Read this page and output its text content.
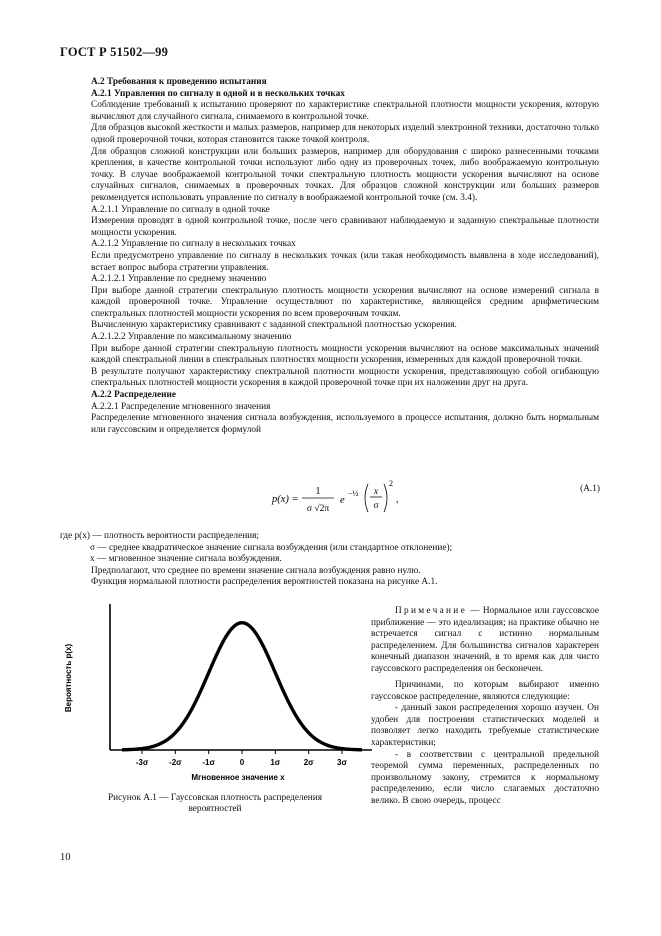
ГОСТ Р 51502—99

А.2 Требования к проведению испытания

А.2.1 Управления по сигналу в одной и в нескольких точках

Соблюдение требований к испытанию проверяют по характеристике спектральной плотности мощности ускорения, которую вычисляют для случайного сигнала, снимаемого в контрольной точке.

Для образцов высокой жесткости и малых размеров, например для некоторых изделий электронной техники, достаточно только одной проверочной точки, которая становится также точкой контроля.

Для образцов сложной конструкции или больших размеров, например для оборудования с широко разнесенными точками крепления, в качестве контрольной точки используют либо одну из проверочных точек, либо воображаемую контрольную точку. В случае воображаемой контрольной точки спектральную плотность мощности ускорения вычисляют на основе случайных сигналов, снимаемых в проверочных точках. Для образцов сложной конструкции или больших размеров рекомендуется использовать управление по сигналу в воображаемой контрольной точке (см. 3.4).

А.2.1.1 Управление по сигналу в одной точке

Измерения проводят в одной контрольной точке, после чего сравнивают наблюдаемую и заданную спектральные плотности мощности ускорения.

А.2.1.2 Управление по сигналу в нескольких точках

Если предусмотрено управление по сигналу в нескольких точках (или такая необходимость выявлена в ходе исследований), встает вопрос выбора стратегии управления.

А.2.1.2.1 Управление по среднему значению

При выборе данной стратегии спектральную плотность мощности ускорения вычисляют на основе измерений сигнала в каждой проверочной точке. Управление осуществляют по характеристике, являющейся средним арифметическим спектральных плотностей мощности ускорения по всем проверочным точкам.

Вычисленную характеристику сравнивают с заданной спектральной плотностью ускорения.

А.2.1.2.2 Управление по максимальному значению

При выборе данной стратегии спектральную плотность мощности ускорения вычисляют на основе максимальных значений каждой спектральной линии в спектральных плотностях мощности ускорения, измеренных для каждой проверочной точки.

В результате получают характеристику спектральной плотности мощности ускорения, представляющую собой огибающую спектральных плотностей мощности ускорения в каждой проверочной точке при их наложении друг на друга.

А.2.2 Распределение

А.2.2.1 Распределение мгновенного значения

Распределение мгновенного значения сигнала возбуждения, используемого в процессе испытания, должно быть нормальным или гауссовским и определяется формулой

p(x) =
1
σ √2π
e
−½ x
σ
2
,
(А.1)

где p(x) — плотность вероятности распределения;

σ — среднее квадратическое значение сигнала возбуждения (или стандартное отклонение);

x — мгновенное значение сигнала возбуждения.

Предполагают, что среднее по времени значение сигнала возбуждения равно нулю.

Функция нормальной плотности распределения вероятностей показана на рисунке А.1.

-3σ	-2σ	-1σ	0	1σ	2σ	3σ
Мгновенное значение x
Вероятность p(x)
Рисунок А.1 — Гауссовская плотность распределения
вероятностей

Примечание — Нормальное или гауссовское приближение — это идеализация; на практике обычно не встречается сигнал с истинно нормальным распределением. Для большинства сигналов характерен конечный диапазон значений, в то время как для чисто гауссовского распределения он бесконечен.

Причинами, по которым выбирают именно гауссовское распределение, являются следующие:

- данный закон распределения хорошо изучен. Он удобен для построения статистических моделей и позволяет легко находить требуемые статистические характеристики;

- в соответствии с центральной предельной теоремой сумма переменных, распределенных по произвольному закону, стремится к нормальному распределению, если число слагаемых достаточно велико. В свою очередь, процесс

10
